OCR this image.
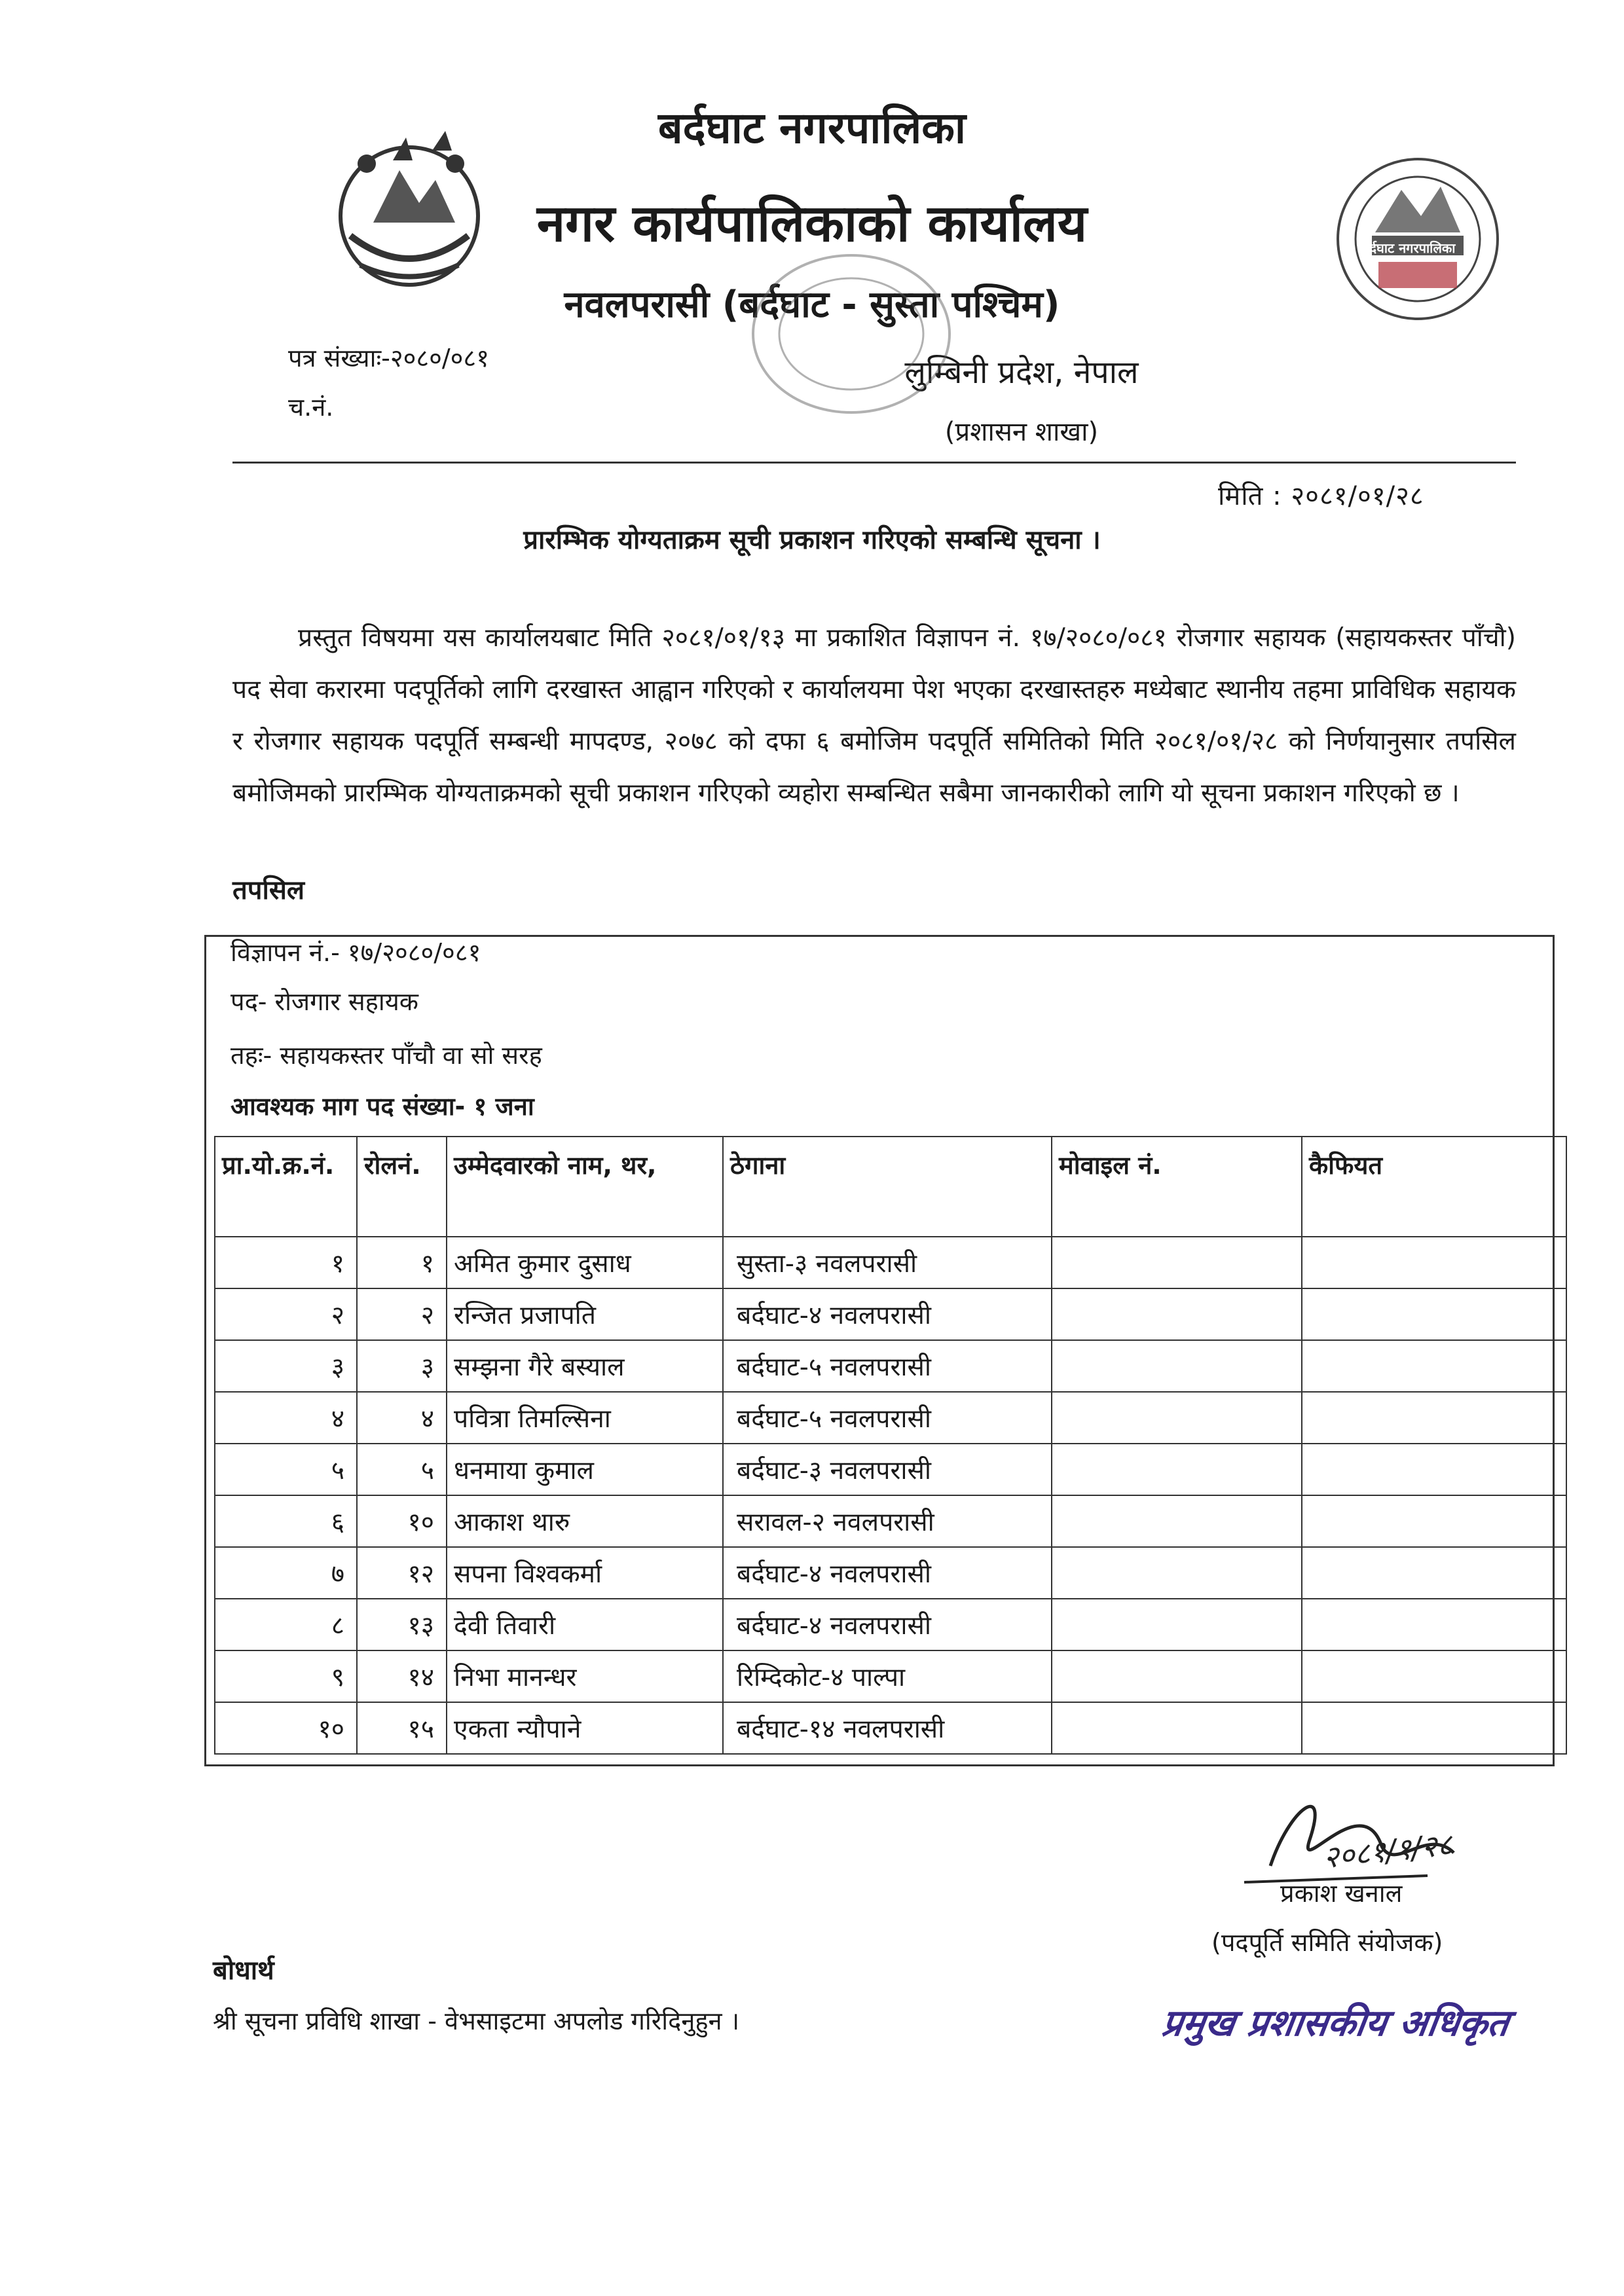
बर्दघाट नगरपालिका
बर्दघाट नगरपालिका
नगर कार्यपालिकाको कार्यालय
नवलपरासी (बर्दघाट - सुस्ता पश्चिम)
लुम्बिनी प्रदेश, नेपाल
(प्रशासन शाखा)
पत्र संख्याः-२०८०/०८१
च.नं.
मिति : २०८१/०१/२८
प्रारम्भिक योग्यताक्रम सूची प्रकाशन गरिएको सम्बन्धि सूचना ।
प्रस्तुत विषयमा यस कार्यालयबाट मिति २०८१/०१/१३ मा प्रकाशित विज्ञापन नं. १७/२०८०/०८१ रोजगार सहायक (सहायकस्तर पाँचौ) पद सेवा करारमा पदपूर्तिको लागि दरखास्त आह्वान गरिएको र कार्यालयमा पेश भएका दरखास्तहरु मध्येबाट स्थानीय तहमा प्राविधिक सहायक र रोजगार सहायक पदपूर्ति सम्बन्धी मापदण्ड, २०७८ को दफा ६ बमोजिम पदपूर्ति समितिको मिति २०८१/०१/२८ को निर्णयानुसार तपसिल बमोजिमको प्रारम्भिक योग्यताक्रमको सूची प्रकाशन गरिएको व्यहोरा सम्बन्धित सबैमा जानकारीको लागि यो सूचना प्रकाशन गरिएको छ ।
तपसिल
विज्ञापन नं.- १७/२०८०/०८१
पद- रोजगार सहायक
तहः- सहायकस्तर पाँचौ वा सो सरह
आवश्यक माग पद संख्या- १ जना
प्रा.यो.क्र.नं.	रोलनं.	उम्मेदवारको नाम, थर,	ठेगाना	मोवाइल नं.	कैफियत
१	१	अमित कुमार दुसाध	सुस्ता-३ नवलपरासी		
२	२	रन्जित प्रजापति	बर्दघाट-४ नवलपरासी		
३	३	सम्झना गैरे बस्याल	बर्दघाट-५ नवलपरासी		
४	४	पवित्रा तिमल्सिना	बर्दघाट-५ नवलपरासी		
५	५	धनमाया कुमाल	बर्दघाट-३ नवलपरासी		
६	१०	आकाश थारु	सरावल-२ नवलपरासी		
७	१२	सपना विश्वकर्मा	बर्दघाट-४ नवलपरासी		
८	१३	देवी तिवारी	बर्दघाट-४ नवलपरासी		
९	१४	निभा मानन्धर	रिम्दिकोट-४ पाल्पा		
१०	१५	एकता न्यौपाने	बर्दघाट-१४ नवलपरासी		
२०८१/१/२८
प्रकाश खनाल
(पदपूर्ति समिति संयोजक)
प्रमुख प्रशासकीय अधिकृत
बोधार्थ
श्री सूचना प्रविधि शाखा - वेभसाइटमा अपलोड गरिदिनुहुन ।
